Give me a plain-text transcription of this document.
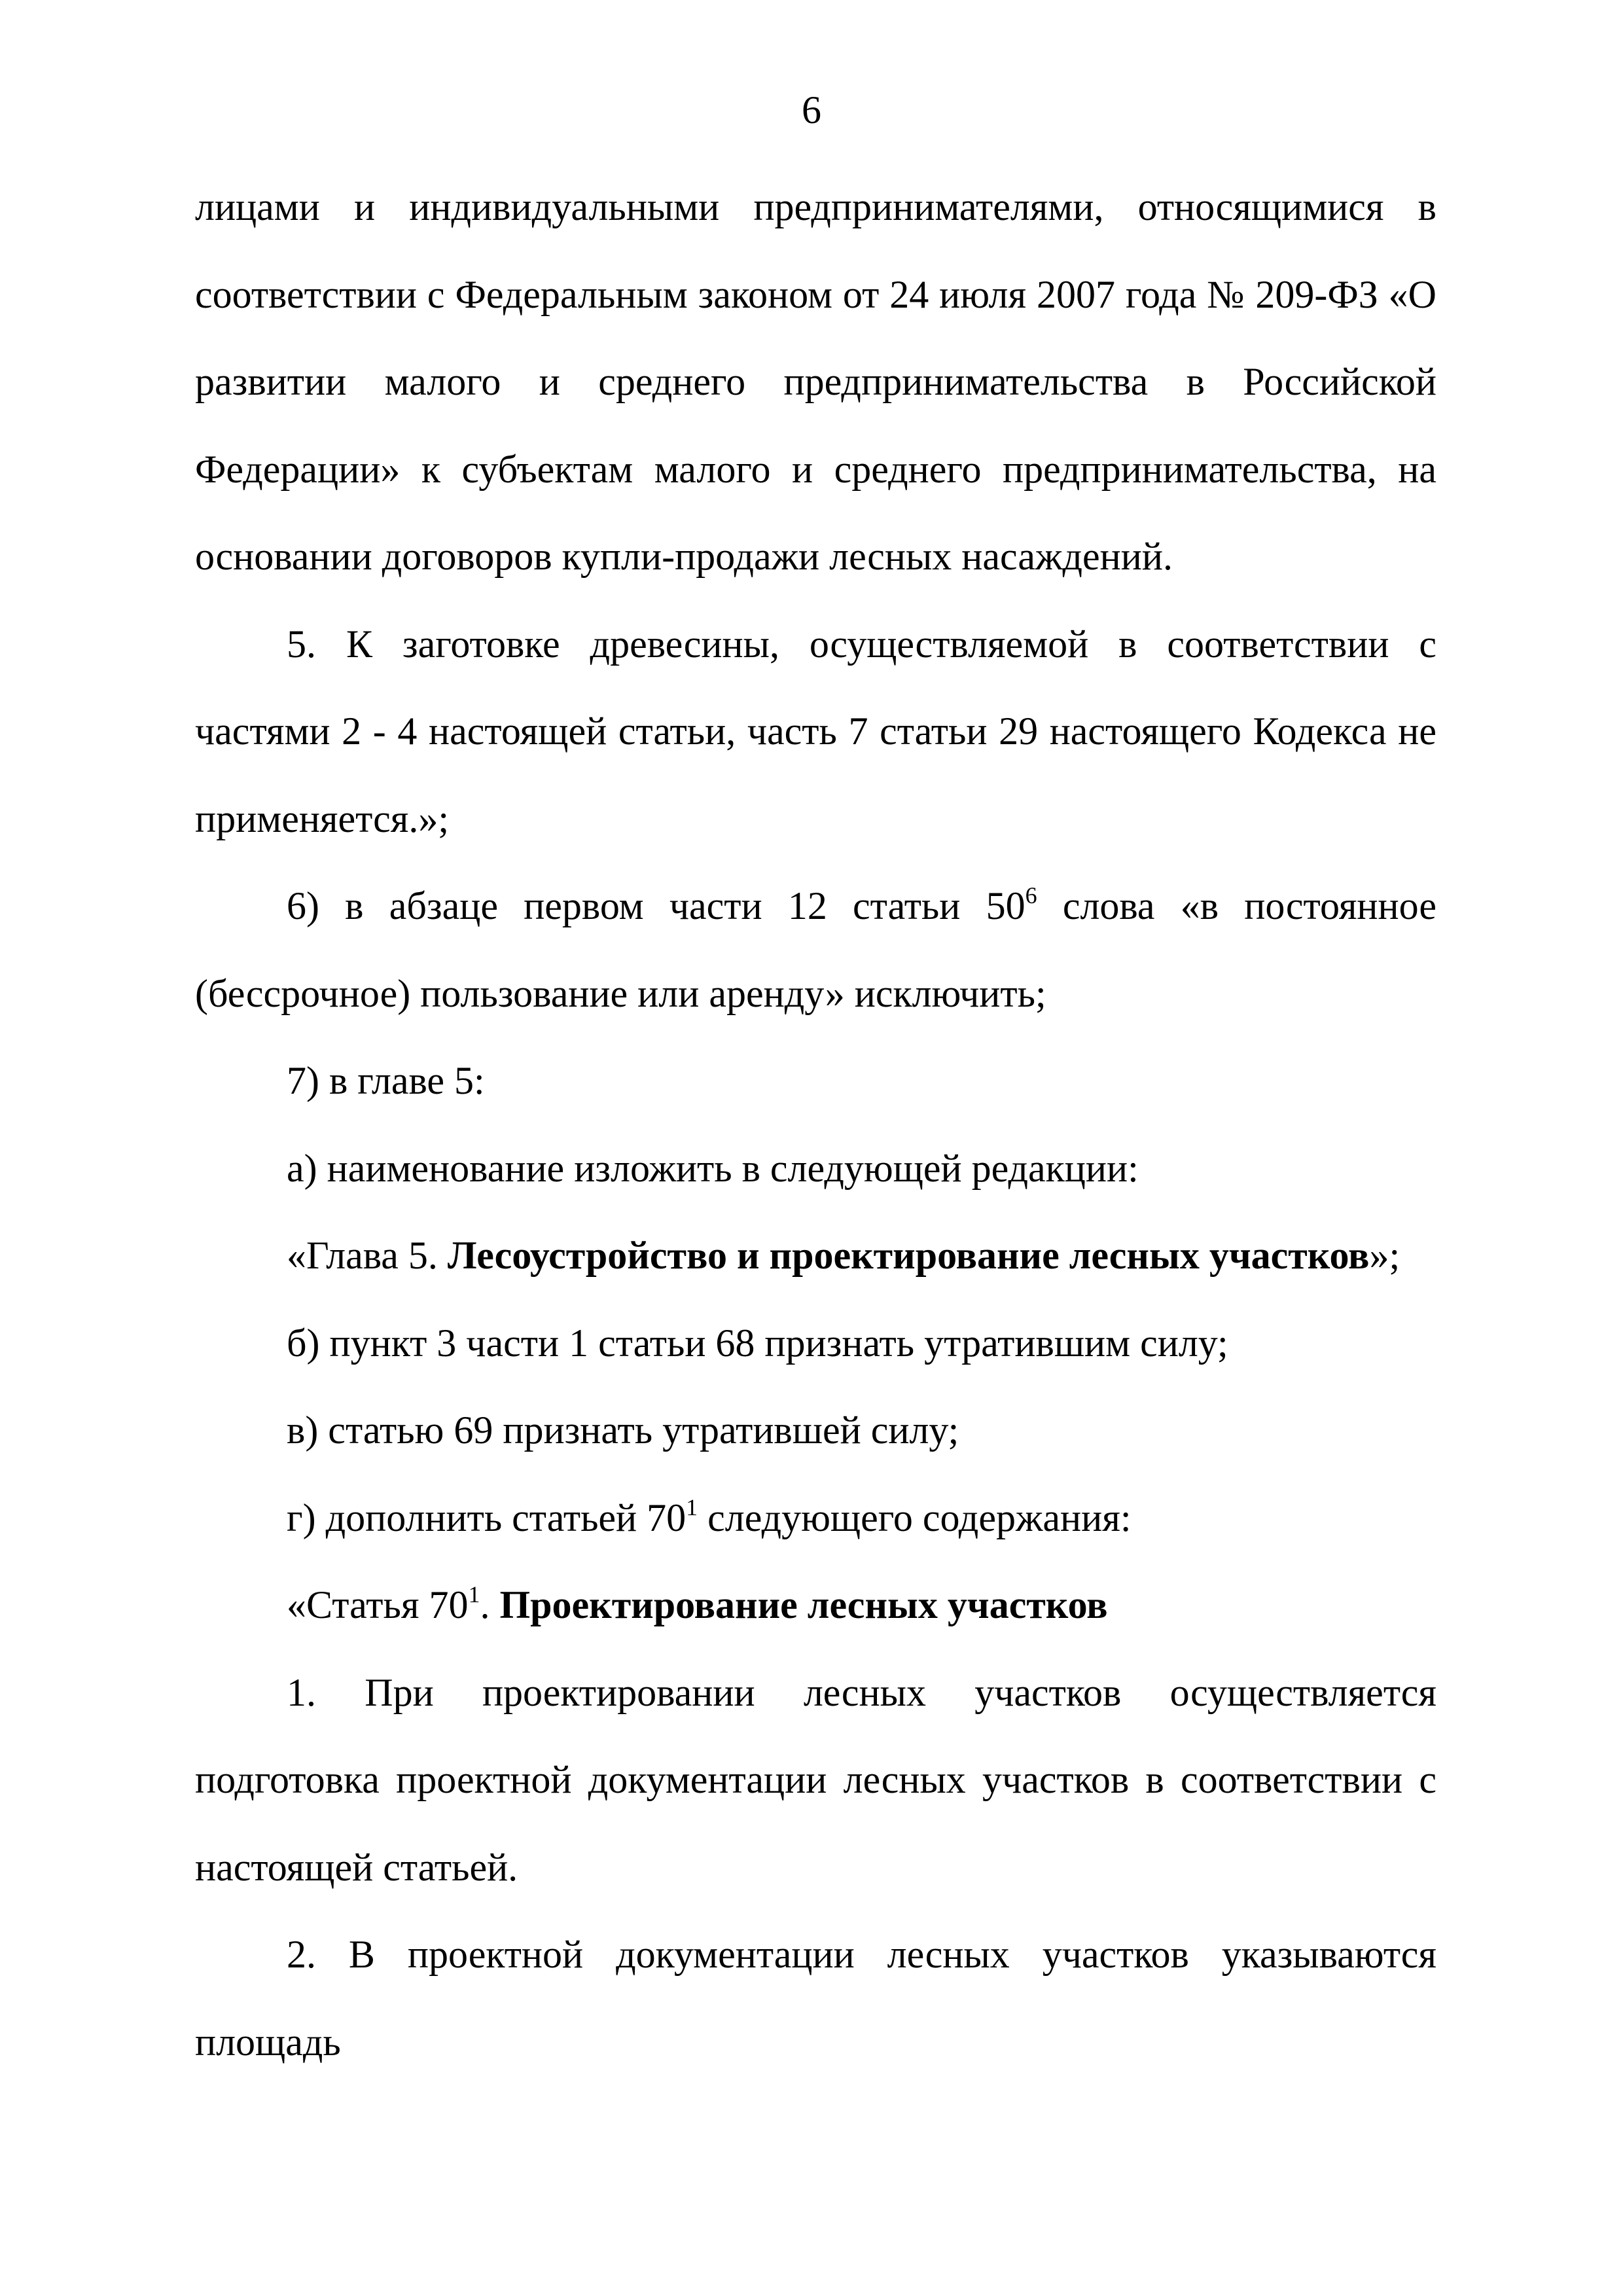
6

лицами и индивидуальными предпринимателями, относящимися в соответствии с Федеральным законом от 24 июля 2007 года № 209-ФЗ «О развитии малого и среднего предпринимательства в Российской Федерации» к субъектам малого и среднего предпринимательства, на основании договоров купли-продажи лесных насаждений.

5. К заготовке древесины, осуществляемой в соответствии с частями 2 - 4 настоящей статьи, часть 7 статьи 29 настоящего Кодекса не применяется.»;

6) в абзаце первом части 12 статьи $50^6$ слова «в постоянное (бессрочное) пользование или аренду» исключить;

7) в главе 5:

а) наименование изложить в следующей редакции:

«Глава 5. Лесоустройство и проектирование лесных участков»;

б) пункт 3 части 1 статьи 68 признать утратившим силу;

в) статью 69 признать утратившей силу;

г) дополнить статьей $70^1$ следующего содержания:

«Статья $70^1$. Проектирование лесных участков

1. При проектировании лесных участков осуществляется подготовка проектной документации лесных участков в соответствии с настоящей статьей.

2. В проектной документации лесных участков указываются площадь
